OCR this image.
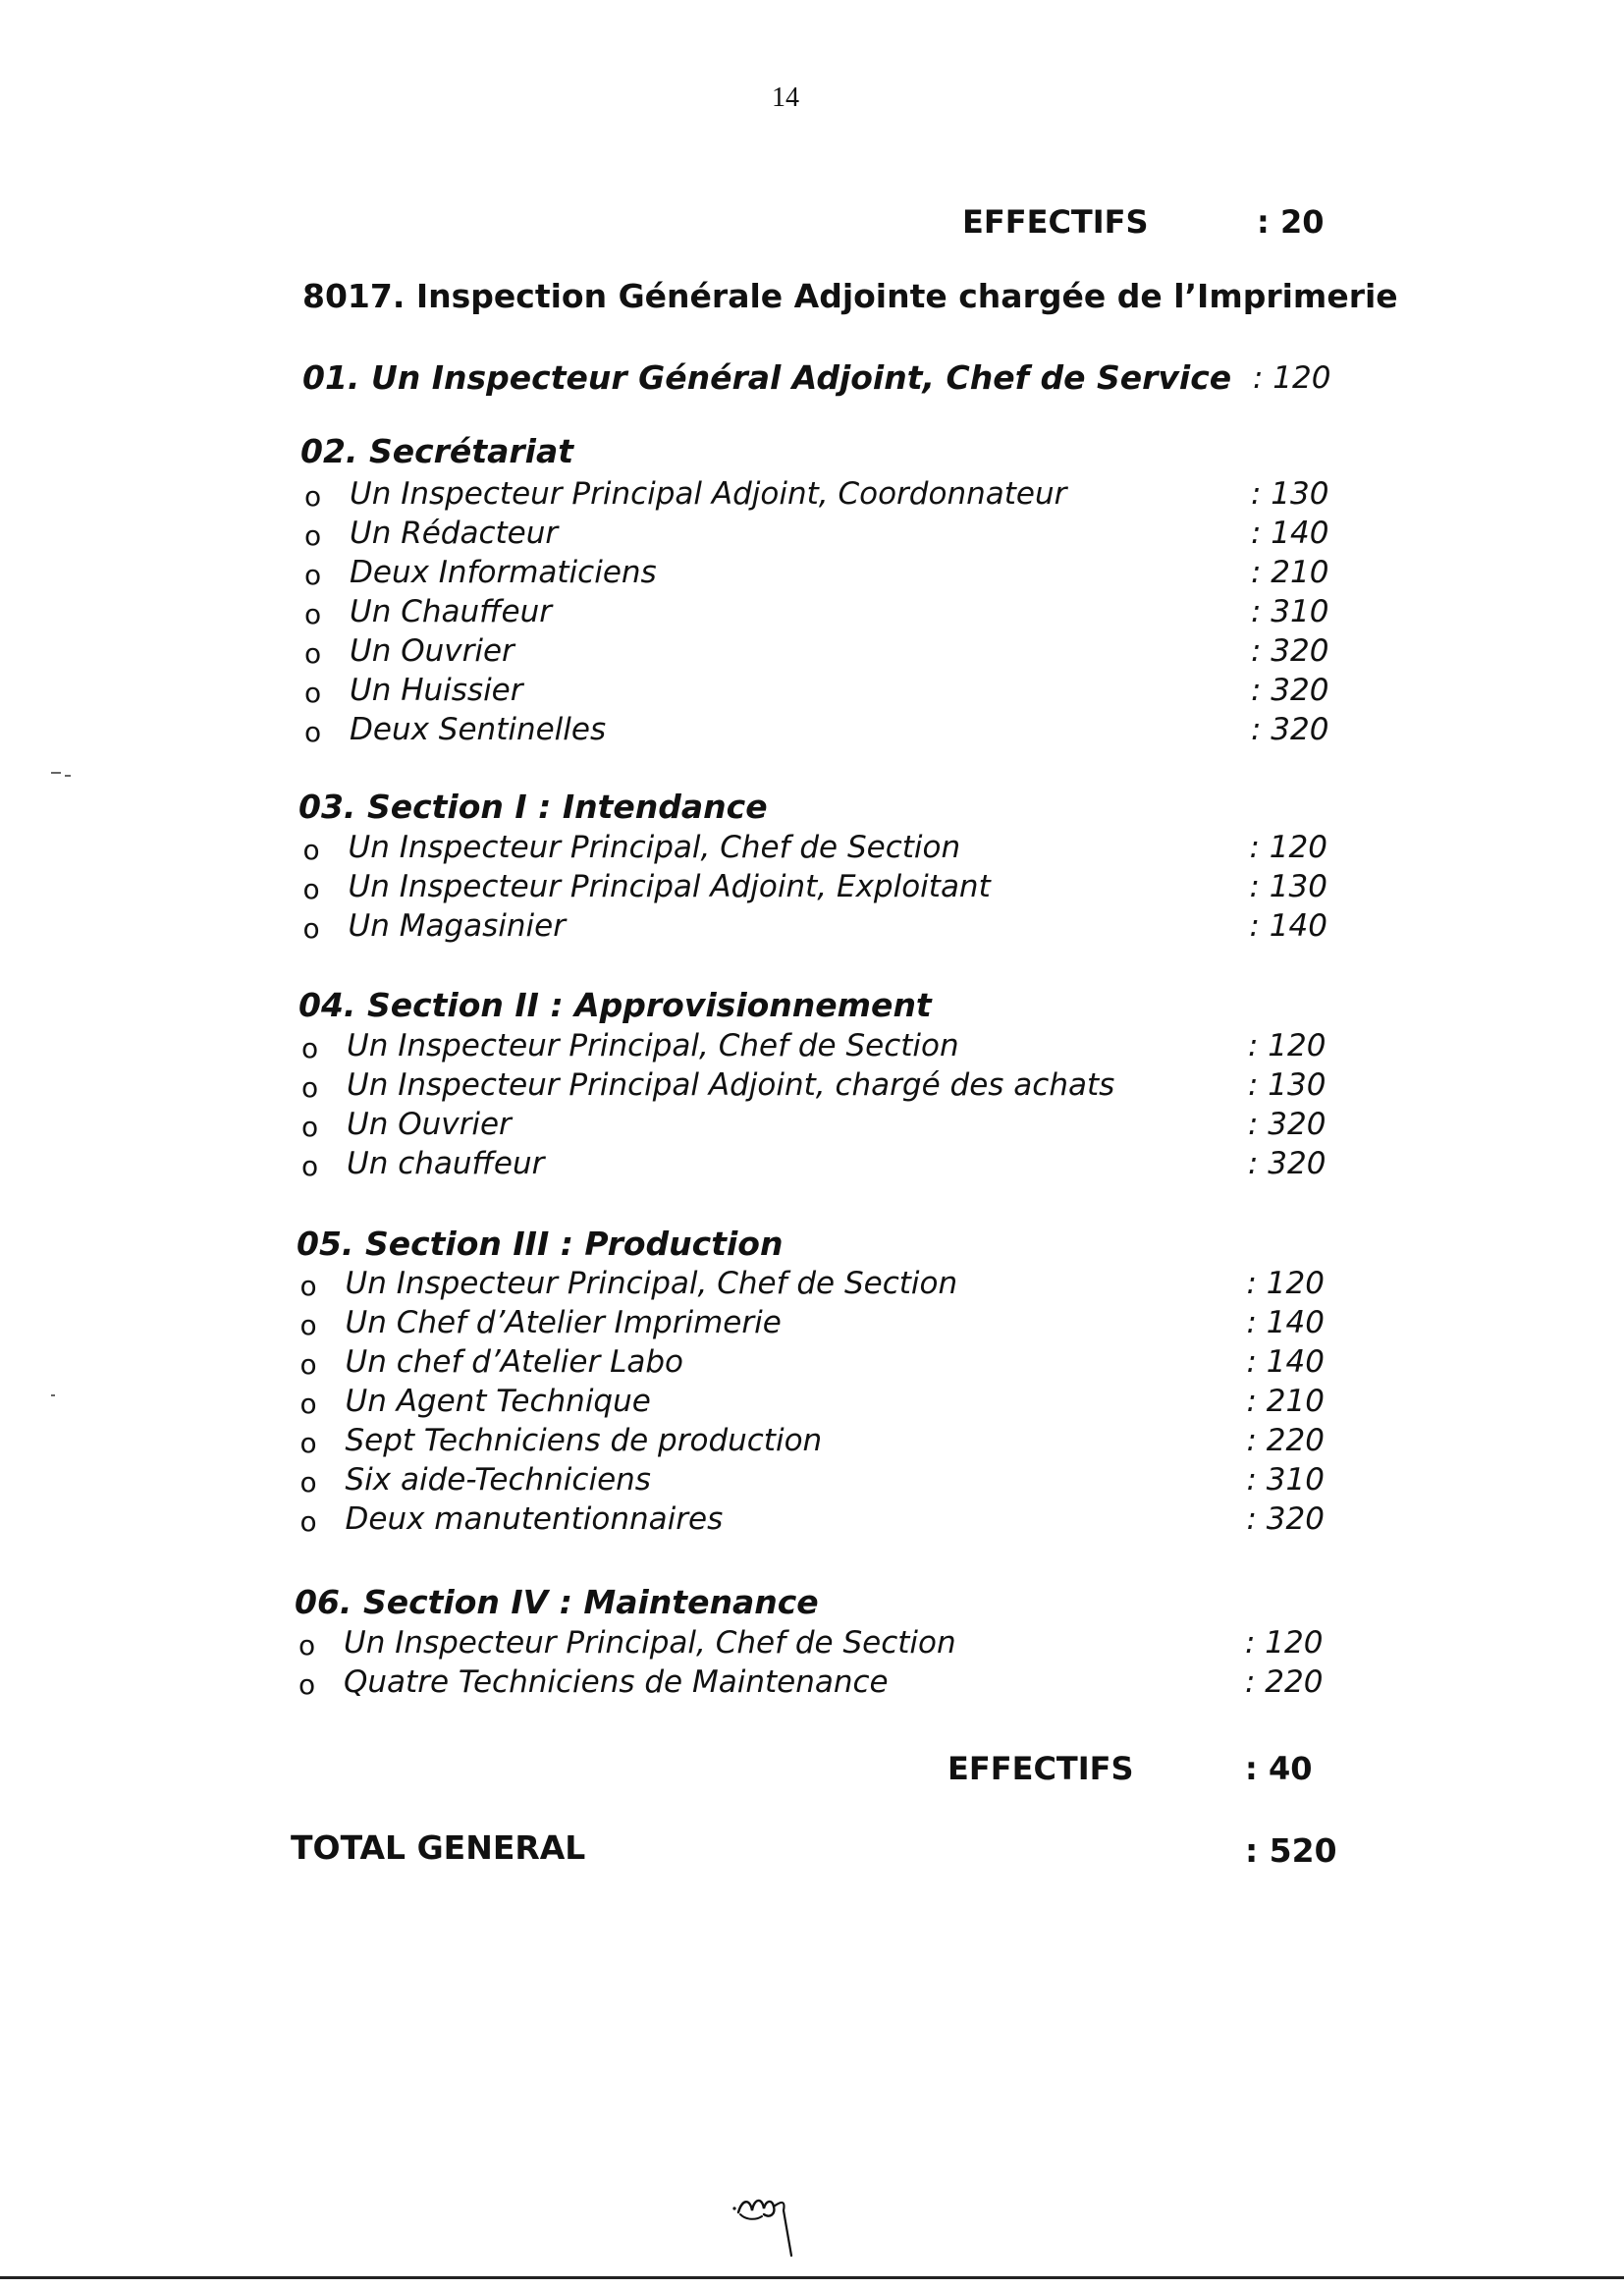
14
EFFECTIFS	: 20
8017. Inspection Générale Adjointe chargée de l’Imprimerie
01. Un Inspecteur Général Adjoint, Chef de Service : 120
02. Secrétariat
o Un Inspecteur Principal Adjoint, Coordonnateur	: 130
o Un Rédacteur	: 140
o Deux Informaticiens	: 210
o Un Chauffeur	: 310
o Un Ouvrier	: 320
o Un Huissier	: 320
o Deux Sentinelles	: 320
03. Section I : Intendance
o Un Inspecteur Principal, Chef de Section	: 120
o Un Inspecteur Principal Adjoint, Exploitant	: 130
o Un Magasinier	: 140
04. Section II : Approvisionnement
o Un Inspecteur Principal, Chef de Section	: 120
o Un Inspecteur Principal Adjoint, chargé des achats	: 130
o Un Ouvrier	: 320
o Un chauffeur	: 320
05. Section III : Production
o Un Inspecteur Principal, Chef de Section	: 120
o Un Chef d’Atelier Imprimerie	: 140
o Un chef d’Atelier Labo	: 140
o Un Agent Technique	: 210
o Sept Techniciens de production	: 220
o Six aide-Techniciens	: 310
o Deux manutentionnaires	: 320
06. Section IV : Maintenance
o Un Inspecteur Principal, Chef de Section	: 120
o Quatre Techniciens de Maintenance	: 220
EFFECTIFS	: 40
TOTAL GENERAL	: 520
